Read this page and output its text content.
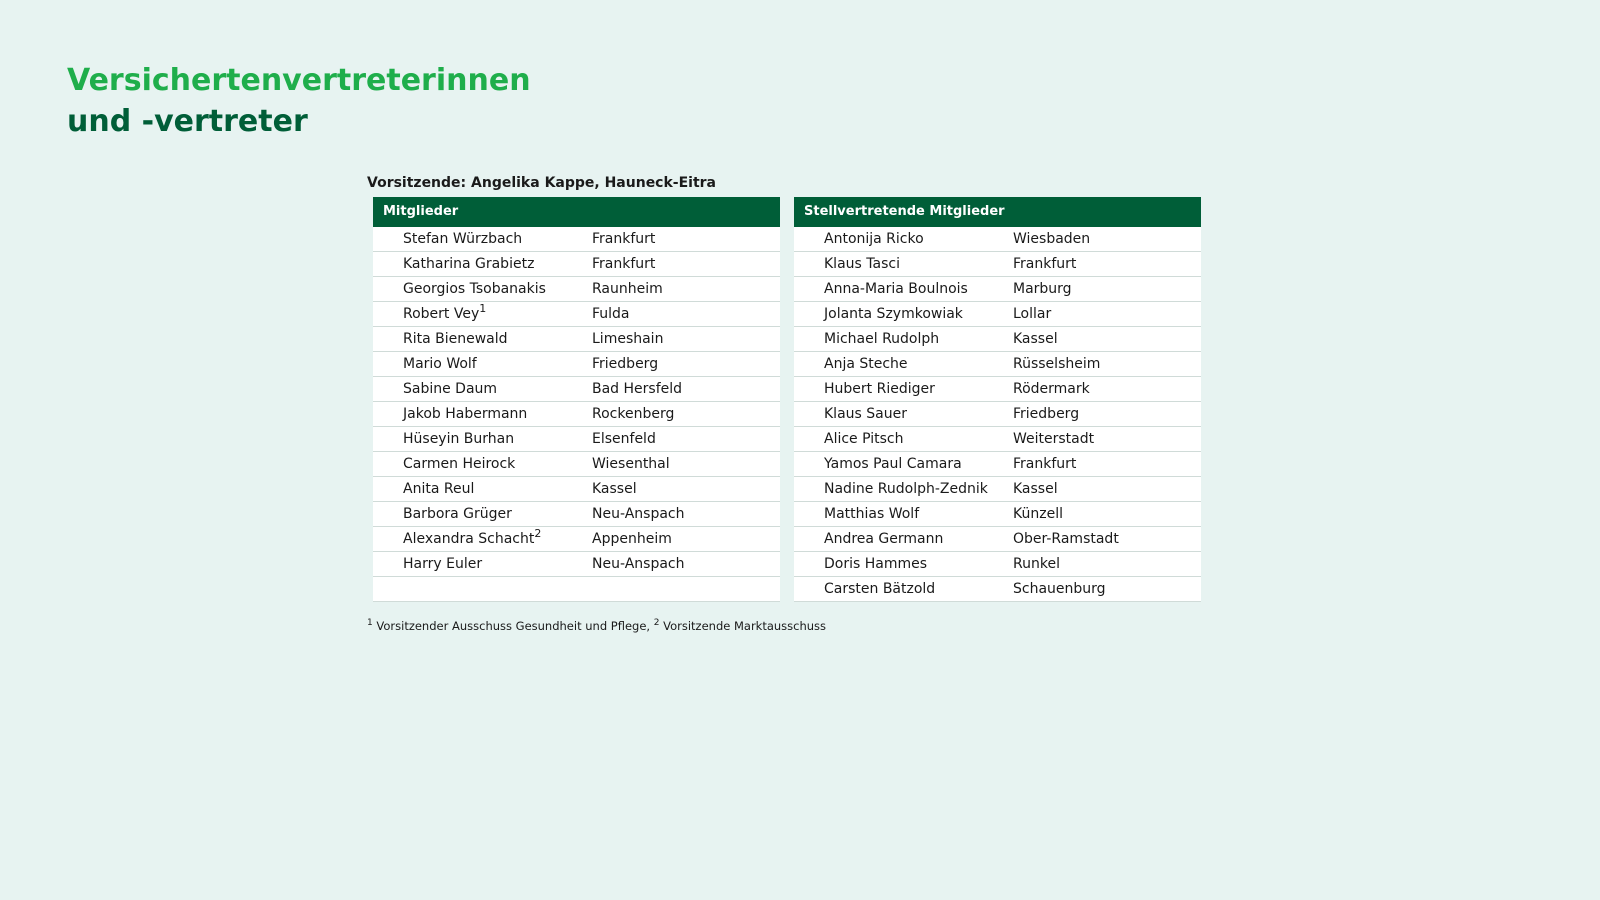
Versichertenvertreterinnen
und -vertreter
Vorsitzende: Angelika Kappe, Hauneck-Eitra
Mitglieder
Stefan Würzbach	Frankfurt
Katharina Grabietz	Frankfurt
Georgios Tsobanakis	Raunheim
Robert Vey$^1$	Fulda
Rita Bienewald	Limeshain
Mario Wolf	Friedberg
Sabine Daum	Bad Hersfeld
Jakob Habermann	Rockenberg
Hüseyin Burhan	Elsenfeld
Carmen Heirock	Wiesenthal
Anita Reul	Kassel
Barbora Grüger	Neu-Anspach
Alexandra Schacht$^2$	Appenheim
Harry Euler	Neu-Anspach
Stellvertretende Mitglieder
Antonija Ricko	Wiesbaden
Klaus Tasci	Frankfurt
Anna-Maria Boulnois	Marburg
Jolanta Szymkowiak	Lollar
Michael Rudolph	Kassel
Anja Steche	Rüsselsheim
Hubert Riediger	Rödermark
Klaus Sauer	Friedberg
Alice Pitsch	Weiterstadt
Yamos Paul Camara	Frankfurt
Nadine Rudolph-Zednik	Kassel
Matthias Wolf	Künzell
Andrea Germann	Ober-Ramstadt
Doris Hammes	Runkel
Carsten Bätzold	Schauenburg
$^1$ Vorsitzender Ausschuss Gesundheit und Pflege, $^2$ Vorsitzende Marktausschuss
